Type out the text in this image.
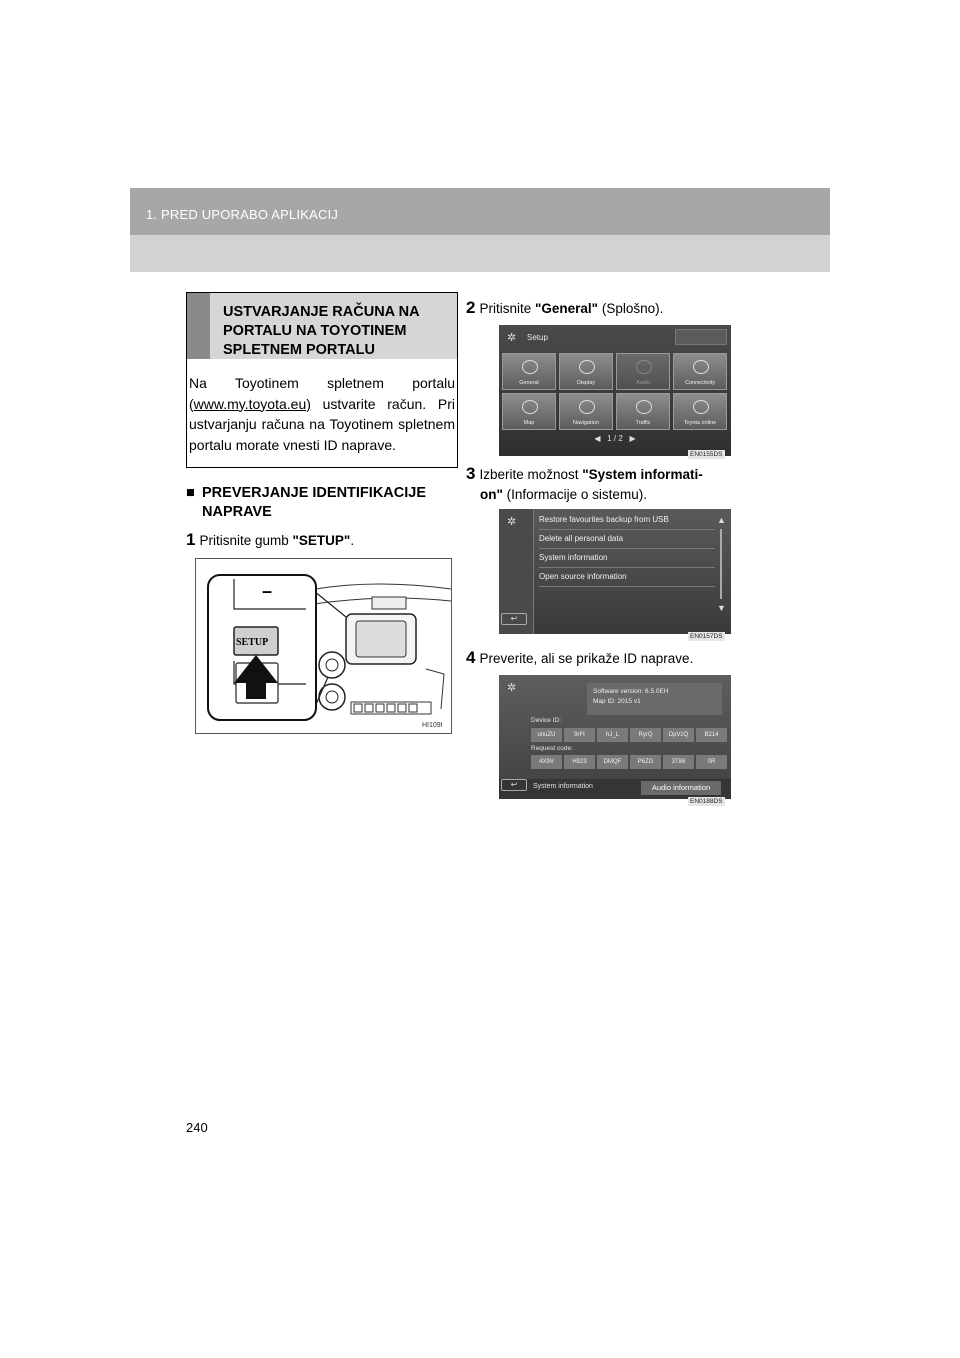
1. PRED UPORABO APLIKACIJ
USTVARJANJE RAČUNA NA PORTALU NA TOYOTINEM SPLETNEM PORTALU
Na Toyotinem spletnem portalu (www.my.toyota.eu) ustvarite račun. Pri ustvarjanju računa na Toyotinem spletnem portalu morate vnesti ID naprave.
■ PREVERJANJE IDENTIFIKACIJE
NAPRAVE
1 Pritisnite gumb "SETUP".
–
SETUP
HI109I
2 Pritisnite "General" (Splošno).
✲ Setup
General	Display	Audio	Connectivity
Map	Navigation	Traffic	Toyota online
◀ 1 / 2 ▶
EN0155DS
3 Izberite možnost "System informati-
on" (Informacije o sistemu).
✲	Restore favourites backup from USB
Delete all personal data
System information
Open source information
▲
▼
↩
EN0157DS
4 Preverite, ali se prikaže ID naprave.
✲	Software version: 6.5.0EH
Map ID: 2015 v1
Device ID:
unuZU	9rFt	hJ_L	RyrQ	DpVzQ	B214
Request code:
4X9V	H923	DMQF	P6ZG	3T88	0R
↩	System information	Audio information
EN0188DS
240
